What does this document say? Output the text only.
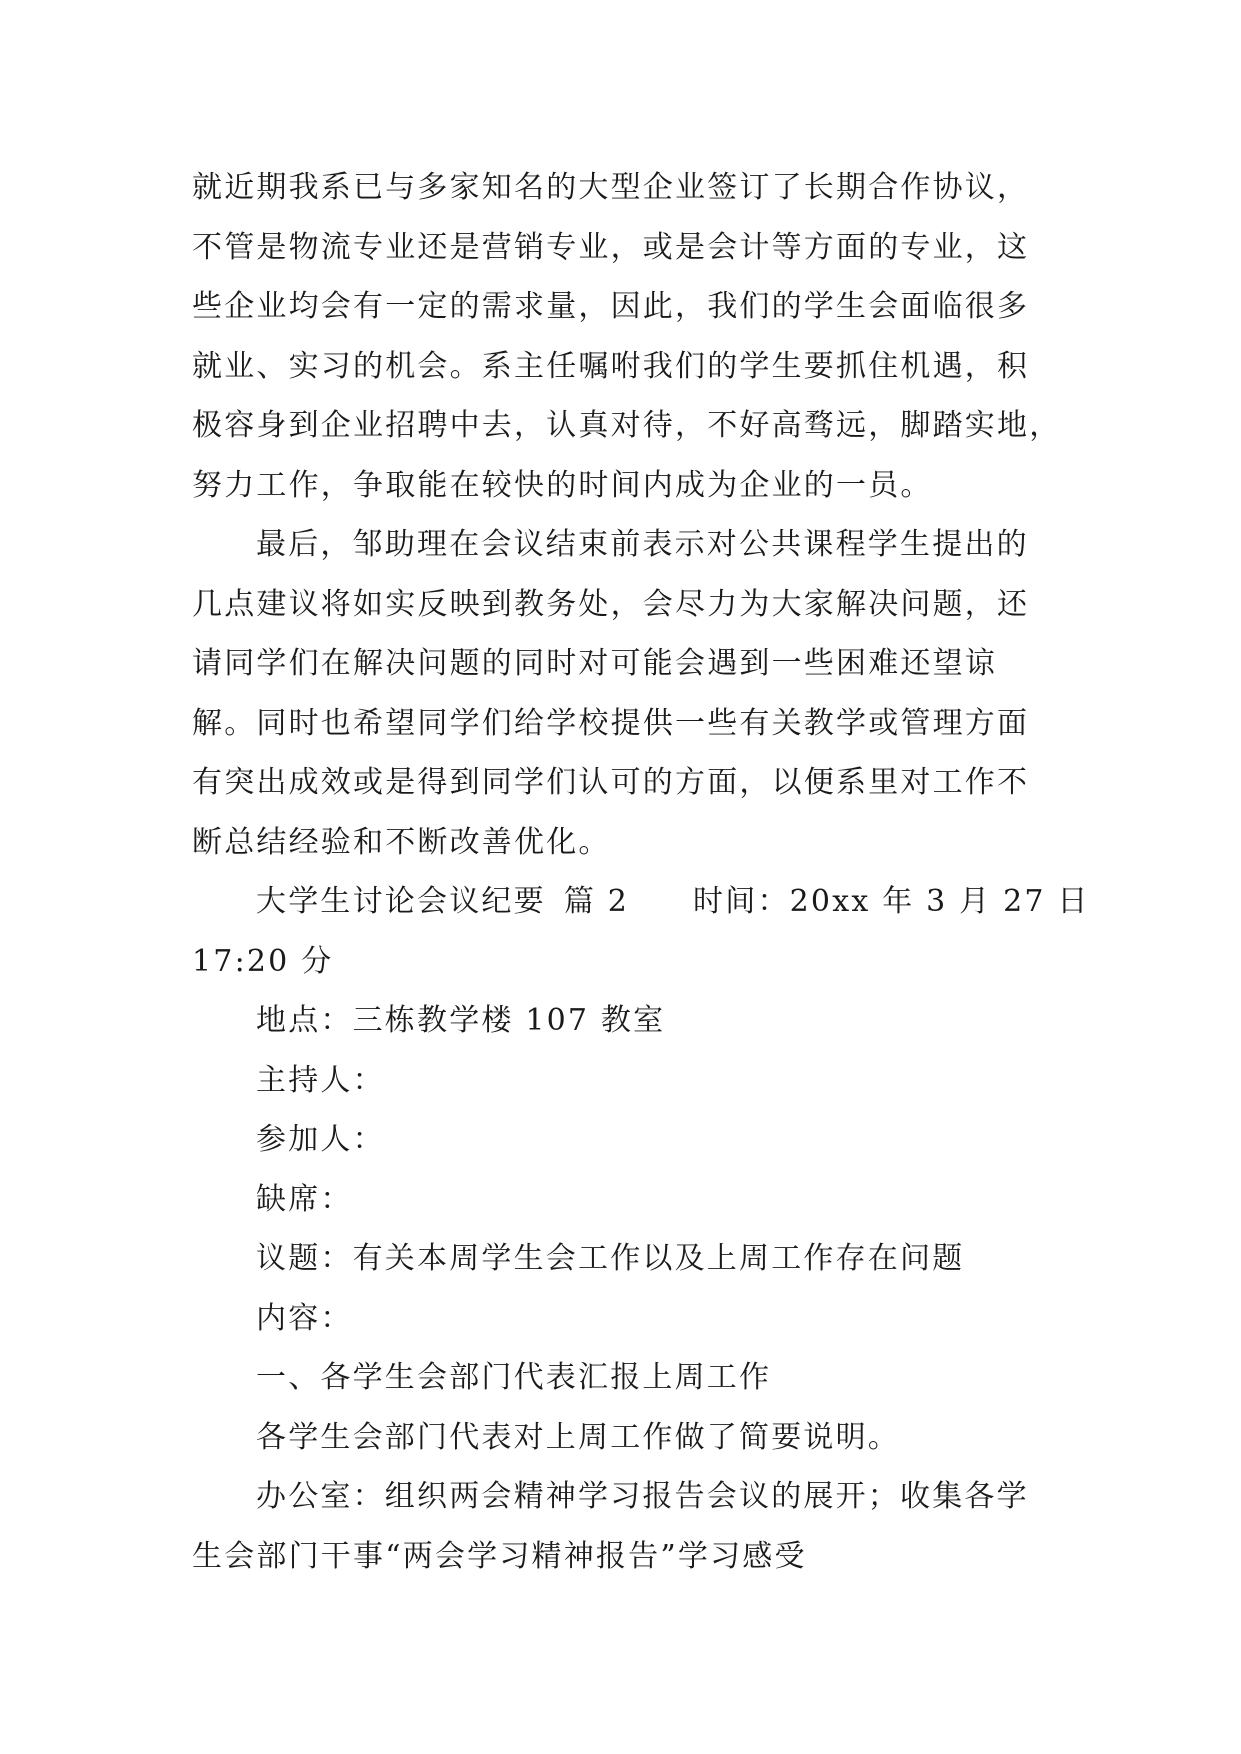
就近期我系已与多家知名的大型企业签订了长期合作协议，
不管是物流专业还是营销专业，或是会计等方面的专业，这
些企业均会有一定的需求量，因此，我们的学生会面临很多
就业、实习的机会。系主任嘱咐我们的学生要抓住机遇，积
极容身到企业招聘中去，认真对待，不好高骛远，脚踏实地，
努力工作，争取能在较快的时间内成为企业的一员。
最后，邹助理在会议结束前表示对公共课程学生提出的
几点建议将如实反映到教务处，会尽力为大家解决问题，还
请同学们在解决问题的同时对可能会遇到一些困难还望谅
解。同时也希望同学们给学校提供一些有关教学或管理方面
有突出成效或是得到同学们认可的方面，以便系里对工作不
断总结经验和不断改善优化。
大学生讨论会议纪要 篇 2 时间：20xx 年 3 月 27 日
17:20 分
地点：三栋教学楼 107 教室
主持人：
参加人：
缺席：
议题：有关本周学生会工作以及上周工作存在问题
内容：
一、各学生会部门代表汇报上周工作
各学生会部门代表对上周工作做了简要说明。
办公室：组织两会精神学习报告会议的展开；收集各学
生会部门干事“两会学习精神报告”学习感受
